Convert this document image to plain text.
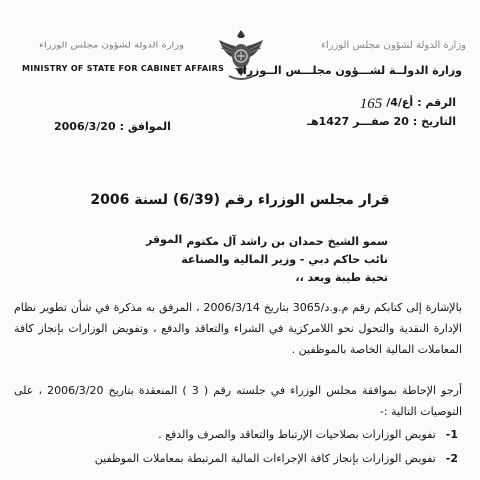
وزارة الدولة لشؤون مجلس الوزراء
MINISTRY OF STATE FOR CABINET AFFAIRS
وزارة الدولة لشؤون مجلس الوزراء
وزارة الدولــة لشـــؤون مجلـــس الــوزراء
الرقم :
أع/4/
165
التاريخ :
20 صفـــر 1427هـ
الموافق :
2006/3/20
قرار مجلس الوزراء رقم (6/39) لسنة 2006
سمو الشيخ حمدان بن راشد آل مكتوم
نائب حاكم دبي - وزير المالية والصناعة
تحية طيبة وبعد ،،
الموقر
بالإشارة إلى كتابكم رقم م.و.د/3065 بتاريخ 2006/3/14 ، المرفق به مذكرة في شأن تطوير نظام الإدارة النقدية والتحول نحو اللامركزية في الشراء والتعاقد والدفع ، وتفويض الوزارات بإنجاز كافة المعاملات المالية الخاصة بالموظفين .
أرجو الإحاطة بموافقة مجلس الوزراء في جلسته رقم ( 3 ) المنعقدة بتاريخ 2006/3/20 ، على التوصيات التالية :-
1-
تفويض الوزارات بصلاحيات الإرتباط والتعاقد والصرف والدفع .
2-
تفويض الوزارات بإنجاز كافة الإجراءات المالية المرتبطة بمعاملات الموظفين
